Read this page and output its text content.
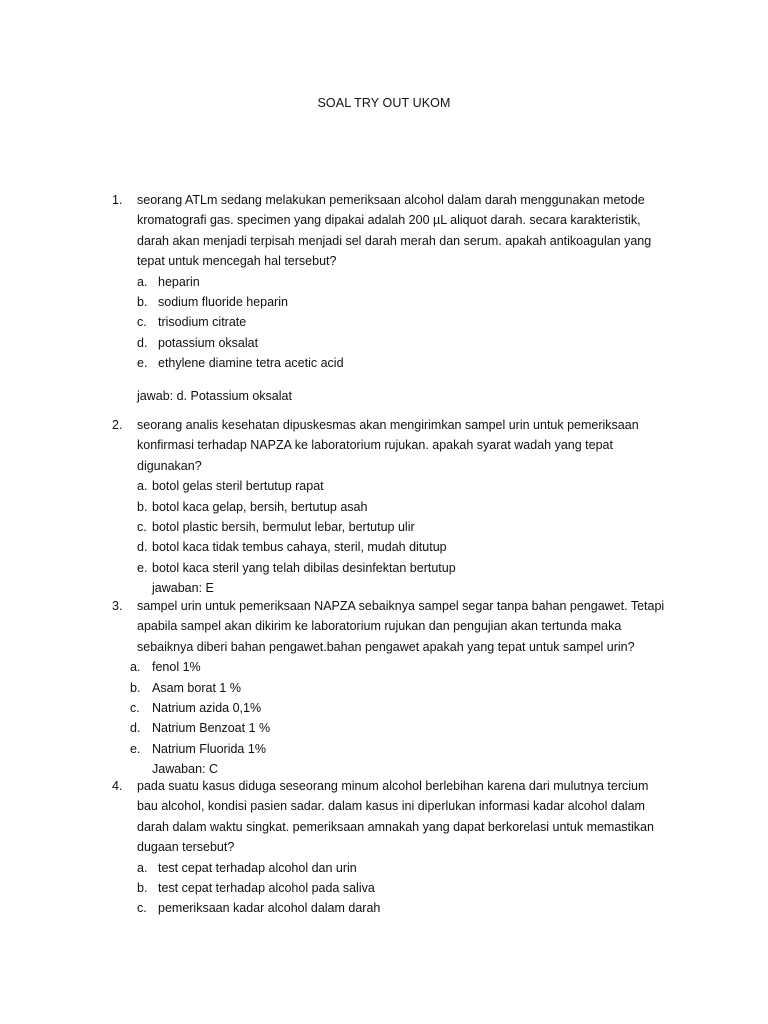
SOAL TRY OUT UKOM
1. seorang ATLm sedang melakukan pemeriksaan alcohol dalam darah menggunakan metode kromatografi gas. specimen yang dipakai adalah 200 µL aliquot darah. secara karakteristik, darah akan menjadi terpisah menjadi sel darah merah dan serum. apakah antikoagulan yang tepat untuk mencegah hal tersebut?
a. heparin
b. sodium fluoride heparin
c. trisodium citrate
d. potassium oksalat
e. ethylene diamine tetra acetic acid
jawab: d. Potassium oksalat
2. seorang analis kesehatan dipuskesmas akan mengirimkan sampel urin untuk pemeriksaan konfirmasi terhadap NAPZA ke laboratorium rujukan. apakah syarat wadah yang tepat digunakan?
a. botol gelas steril bertutup rapat
b. botol kaca gelap, bersih, bertutup asah
c. botol plastic bersih, bermulut lebar, bertutup ulir
d. botol kaca tidak tembus cahaya, steril, mudah ditutup
e. botol kaca steril yang telah dibilas desinfektan bertutup
jawaban: E
3. sampel urin untuk pemeriksaan NAPZA sebaiknya sampel segar tanpa bahan pengawet. Tetapi apabila sampel akan dikirim ke laboratorium rujukan dan pengujian akan tertunda maka sebaiknya diberi bahan pengawet.bahan pengawet apakah yang tepat untuk sampel urin?
a. fenol 1%
b. Asam borat 1 %
c. Natrium azida 0,1%
d. Natrium Benzoat 1 %
e. Natrium Fluorida 1%
Jawaban: C
4. pada suatu kasus diduga seseorang minum alcohol berlebihan karena dari mulutnya tercium bau alcohol, kondisi pasien sadar. dalam kasus ini diperlukan informasi kadar alcohol dalam darah dalam waktu singkat. pemeriksaan amnakah yang dapat berkorelasi untuk memastikan dugaan tersebut?
a. test cepat terhadap alcohol dan urin
b. test cepat terhadap alcohol pada saliva
c. pemeriksaan kadar alcohol dalam darah
